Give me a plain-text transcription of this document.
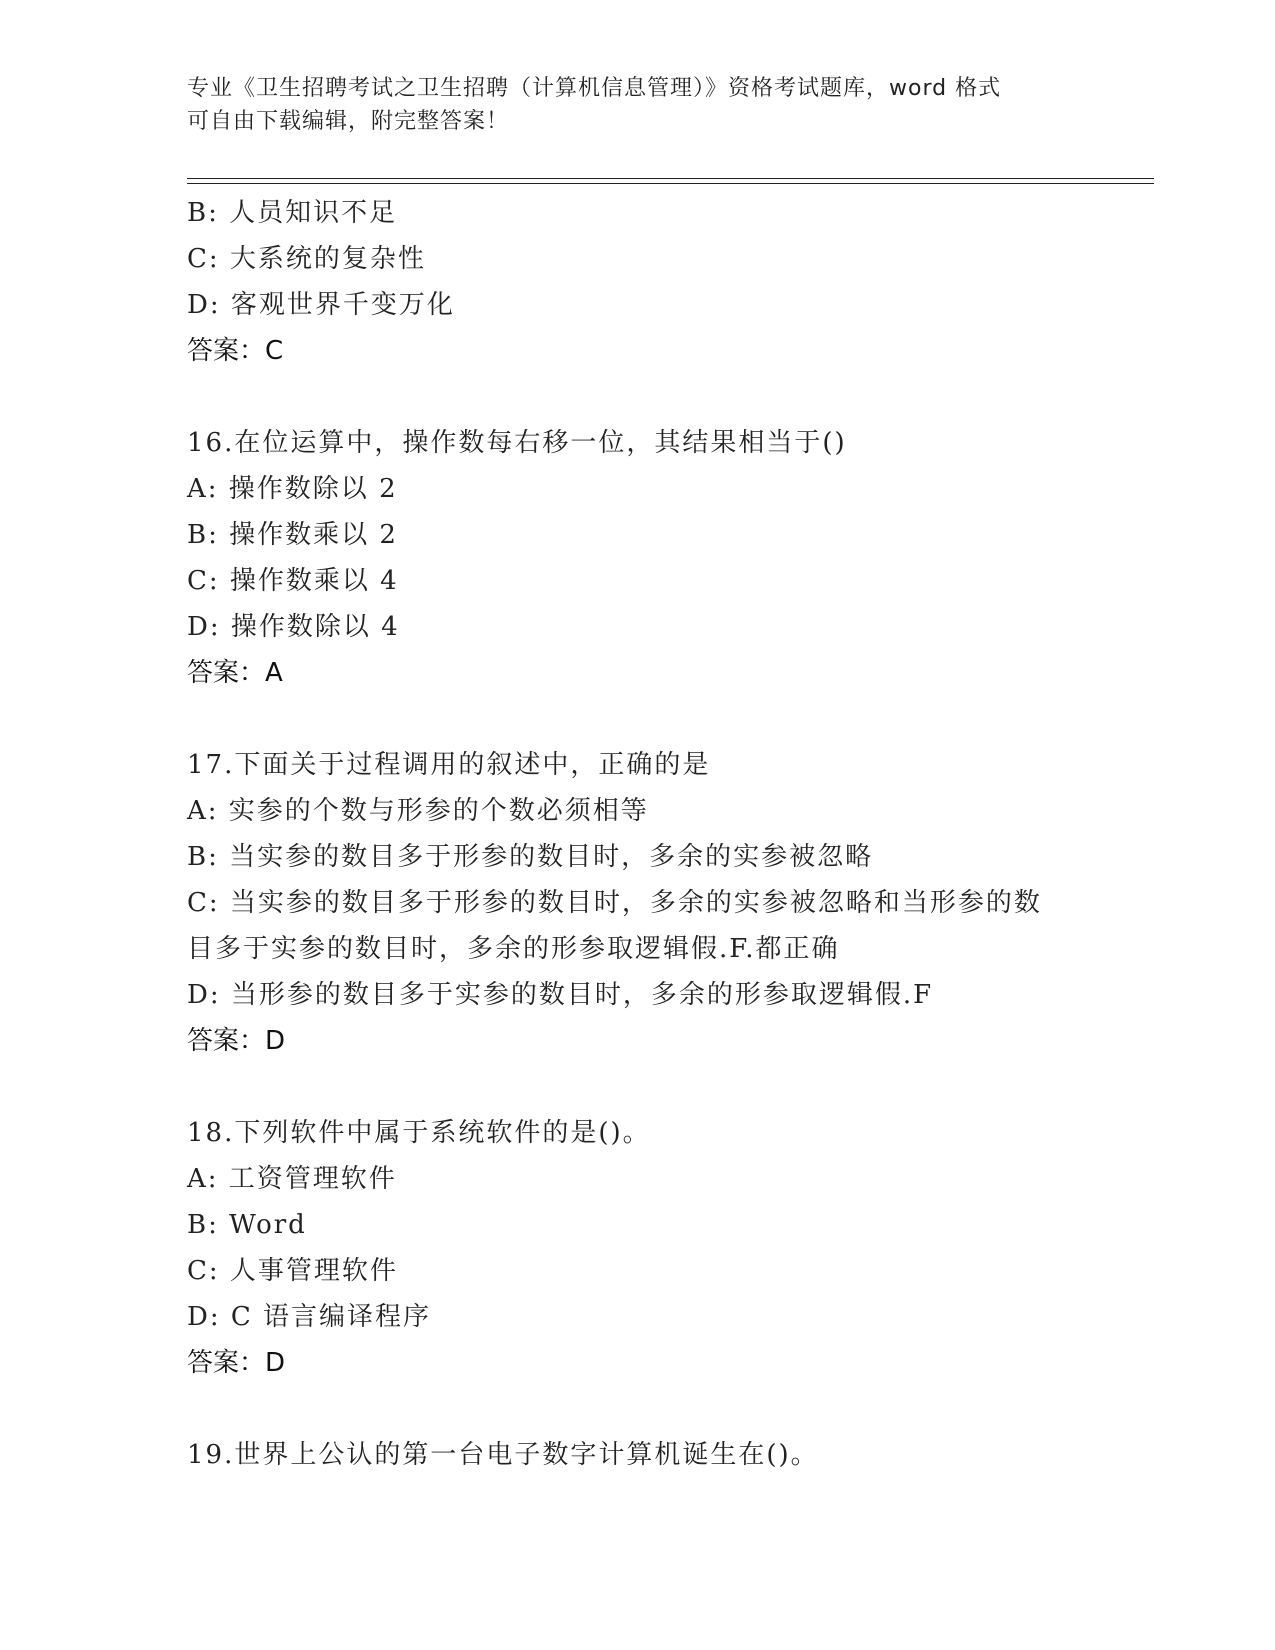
专业《卫生招聘考试之卫生招聘（计算机信息管理）》资格考试题库，word 格式
可自由下载编辑，附完整答案！
B: 人员知识不足
C: 大系统的复杂性
D: 客观世界千变万化
答案：C
16.在位运算中，操作数每右移一位，其结果相当于()
A: 操作数除以 2
B: 操作数乘以 2
C: 操作数乘以 4
D: 操作数除以 4
答案：A
17.下面关于过程调用的叙述中，正确的是
A: 实参的个数与形参的个数必须相等
B: 当实参的数目多于形参的数目时，多余的实参被忽略
C: 当实参的数目多于形参的数目时，多余的实参被忽略和当形参的数
目多于实参的数目时，多余的形参取逻辑假.F.都正确
D: 当形参的数目多于实参的数目时，多余的形参取逻辑假.F
答案：D
18.下列软件中属于系统软件的是()。
A: 工资管理软件
B: Word
C: 人事管理软件
D: C 语言编译程序
答案：D
19.世界上公认的第一台电子数字计算机诞生在()。
